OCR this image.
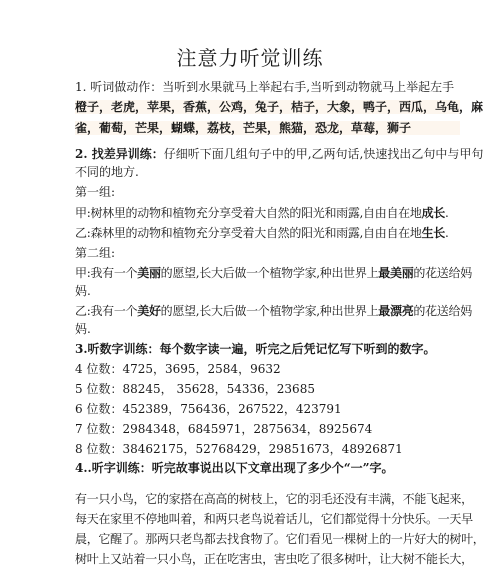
注意力听觉训练
1. 听词做动作：当听到水果就马上举起右手,当听到动物就马上举起左手
橙子，老虎，苹果，香蕉，公鸡，兔子，桔子，大象，鸭子，西瓜，乌龟，麻
雀，葡萄，芒果，蝴蝶，荔枝，芒果，熊猫，恐龙，草莓，狮子
2. 找差异训练：仔细听下面几组句子中的甲,乙两句话,快速找出乙句中与甲句
不同的地方.
第一组:
甲:树林里的动物和植物充分享受着大自然的阳光和雨露,自由自在地成长.
乙:森林里的动物和植物充分享受着大自然的阳光和雨露,自由自在地生长.
第二组:
甲:我有一个美丽的愿望,长大后做一个植物学家,种出世界上最美丽的花送给妈
妈.
乙:我有一个美好的愿望,长大后做一个植物学家,种出世界上最漂亮的花送给妈
妈.
3.听数字训练：每个数字读一遍，听完之后凭记忆写下听到的数字。
4 位数：4725，3695，2584，9632
5 位数：88245， 35628，54336，23685
6 位数：452389，756436，267522，423791
7 位数：2984348，6845971，2875634，8925674
8 位数：38462175，52768429，29851673，48926871
4..听字训练：听完故事说出以下文章出现了多少个“一”字。
有一只小鸟，它的家搭在高高的树枝上，它的羽毛还没有丰满，不能飞起来，
每天在家里不停地叫着，和两只老鸟说着话儿，它们都觉得十分快乐。一天早
晨，它醒了。那两只老鸟都去找食物了。它们看见一棵树上的一片好大的树叶，
树叶上又站着一只小鸟，正在吃害虫，害虫吃了很多树叶，让大树不能长大，
